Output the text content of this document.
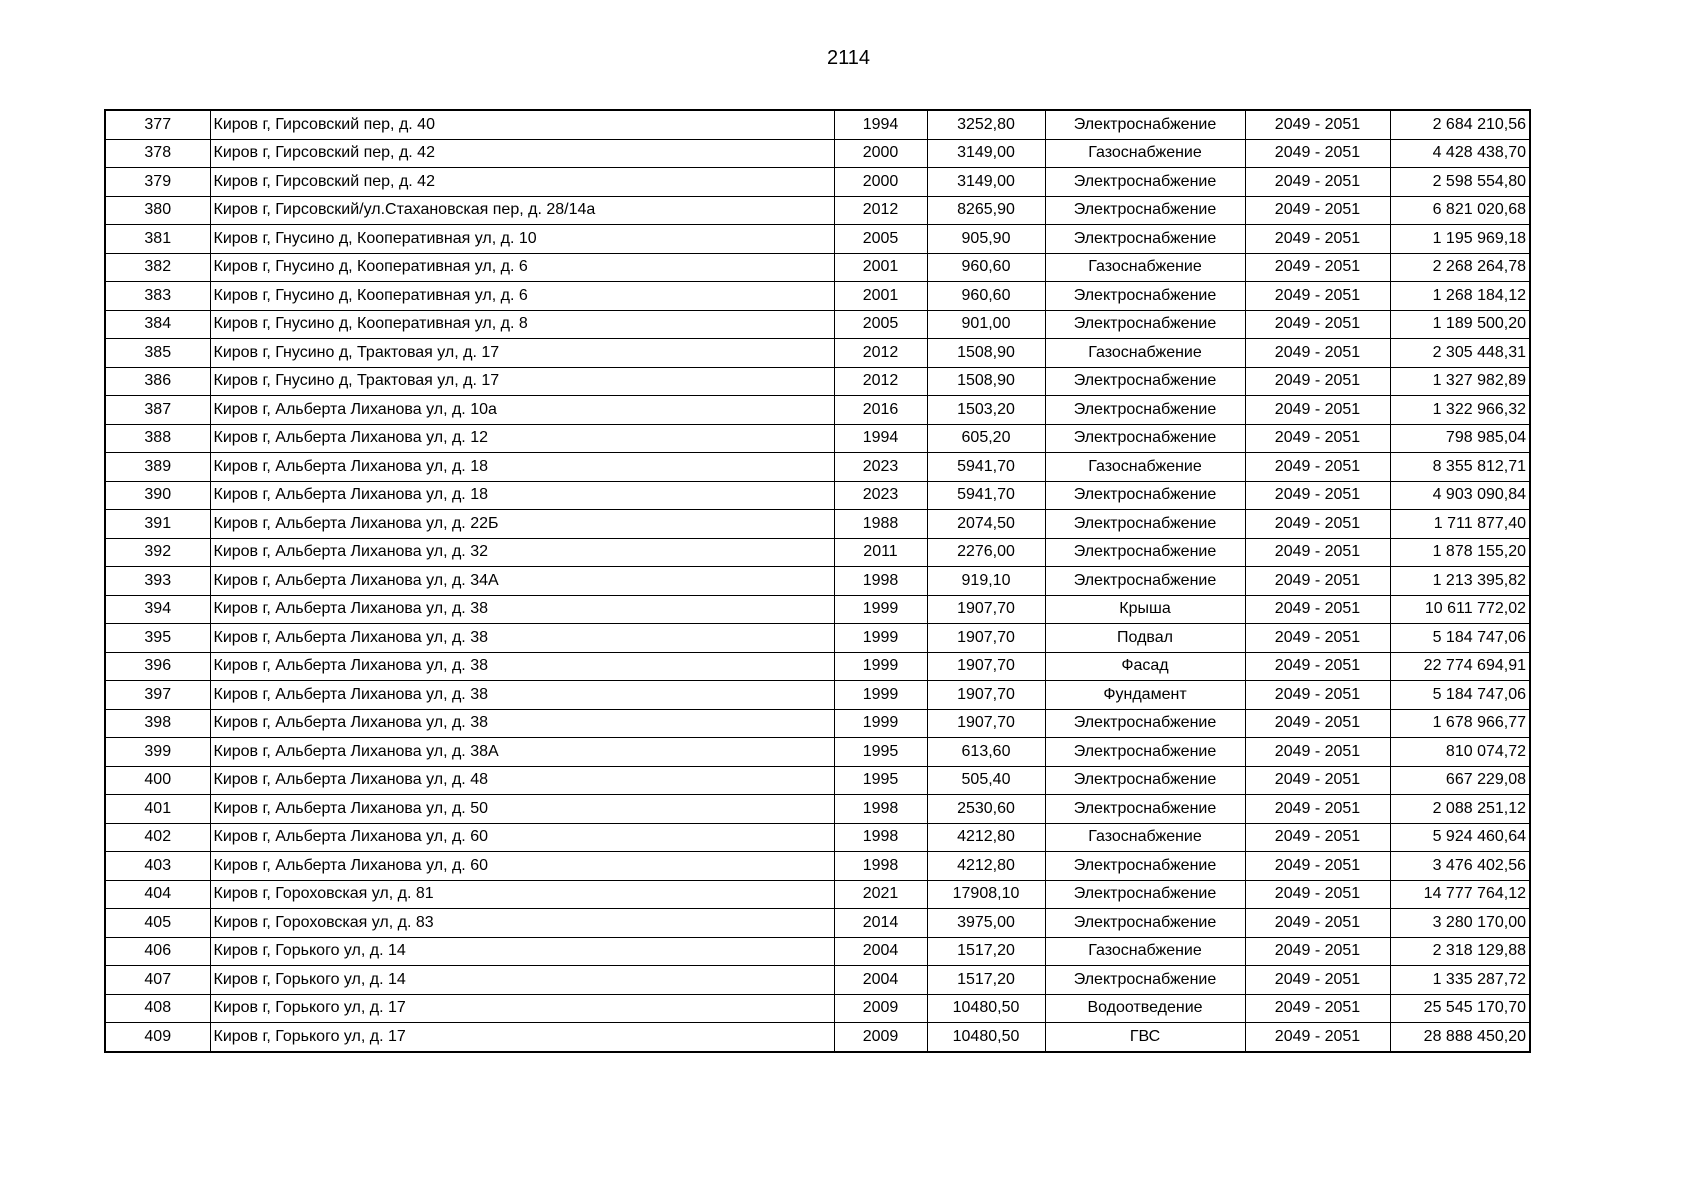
2114
377	Киров г, Гирсовский пер, д. 40	1994	3252,80	Электроснабжение	2049 - 2051	2 684 210,56
378	Киров г, Гирсовский пер, д. 42	2000	3149,00	Газоснабжение	2049 - 2051	4 428 438,70
379	Киров г, Гирсовский пер, д. 42	2000	3149,00	Электроснабжение	2049 - 2051	2 598 554,80
380	Киров г, Гирсовский/ул.Стахановская пер, д. 28/14а	2012	8265,90	Электроснабжение	2049 - 2051	6 821 020,68
381	Киров г, Гнусино д, Кооперативная ул, д. 10	2005	905,90	Электроснабжение	2049 - 2051	1 195 969,18
382	Киров г, Гнусино д, Кооперативная ул, д. 6	2001	960,60	Газоснабжение	2049 - 2051	2 268 264,78
383	Киров г, Гнусино д, Кооперативная ул, д. 6	2001	960,60	Электроснабжение	2049 - 2051	1 268 184,12
384	Киров г, Гнусино д, Кооперативная ул, д. 8	2005	901,00	Электроснабжение	2049 - 2051	1 189 500,20
385	Киров г, Гнусино д, Трактовая ул, д. 17	2012	1508,90	Газоснабжение	2049 - 2051	2 305 448,31
386	Киров г, Гнусино д, Трактовая ул, д. 17	2012	1508,90	Электроснабжение	2049 - 2051	1 327 982,89
387	Киров г, Альберта Лиханова ул, д. 10а	2016	1503,20	Электроснабжение	2049 - 2051	1 322 966,32
388	Киров г, Альберта Лиханова ул, д. 12	1994	605,20	Электроснабжение	2049 - 2051	798 985,04
389	Киров г, Альберта Лиханова ул, д. 18	2023	5941,70	Газоснабжение	2049 - 2051	8 355 812,71
390	Киров г, Альберта Лиханова ул, д. 18	2023	5941,70	Электроснабжение	2049 - 2051	4 903 090,84
391	Киров г, Альберта Лиханова ул, д. 22Б	1988	2074,50	Электроснабжение	2049 - 2051	1 711 877,40
392	Киров г, Альберта Лиханова ул, д. 32	2011	2276,00	Электроснабжение	2049 - 2051	1 878 155,20
393	Киров г, Альберта Лиханова ул, д. 34А	1998	919,10	Электроснабжение	2049 - 2051	1 213 395,82
394	Киров г, Альберта Лиханова ул, д. 38	1999	1907,70	Крыша	2049 - 2051	10 611 772,02
395	Киров г, Альберта Лиханова ул, д. 38	1999	1907,70	Подвал	2049 - 2051	5 184 747,06
396	Киров г, Альберта Лиханова ул, д. 38	1999	1907,70	Фасад	2049 - 2051	22 774 694,91
397	Киров г, Альберта Лиханова ул, д. 38	1999	1907,70	Фундамент	2049 - 2051	5 184 747,06
398	Киров г, Альберта Лиханова ул, д. 38	1999	1907,70	Электроснабжение	2049 - 2051	1 678 966,77
399	Киров г, Альберта Лиханова ул, д. 38А	1995	613,60	Электроснабжение	2049 - 2051	810 074,72
400	Киров г, Альберта Лиханова ул, д. 48	1995	505,40	Электроснабжение	2049 - 2051	667 229,08
401	Киров г, Альберта Лиханова ул, д. 50	1998	2530,60	Электроснабжение	2049 - 2051	2 088 251,12
402	Киров г, Альберта Лиханова ул, д. 60	1998	4212,80	Газоснабжение	2049 - 2051	5 924 460,64
403	Киров г, Альберта Лиханова ул, д. 60	1998	4212,80	Электроснабжение	2049 - 2051	3 476 402,56
404	Киров г, Гороховская ул, д. 81	2021	17908,10	Электроснабжение	2049 - 2051	14 777 764,12
405	Киров г, Гороховская ул, д. 83	2014	3975,00	Электроснабжение	2049 - 2051	3 280 170,00
406	Киров г, Горького ул, д. 14	2004	1517,20	Газоснабжение	2049 - 2051	2 318 129,88
407	Киров г, Горького ул, д. 14	2004	1517,20	Электроснабжение	2049 - 2051	1 335 287,72
408	Киров г, Горького ул, д. 17	2009	10480,50	Водоотведение	2049 - 2051	25 545 170,70
409	Киров г, Горького ул, д. 17	2009	10480,50	ГВС	2049 - 2051	28 888 450,20
